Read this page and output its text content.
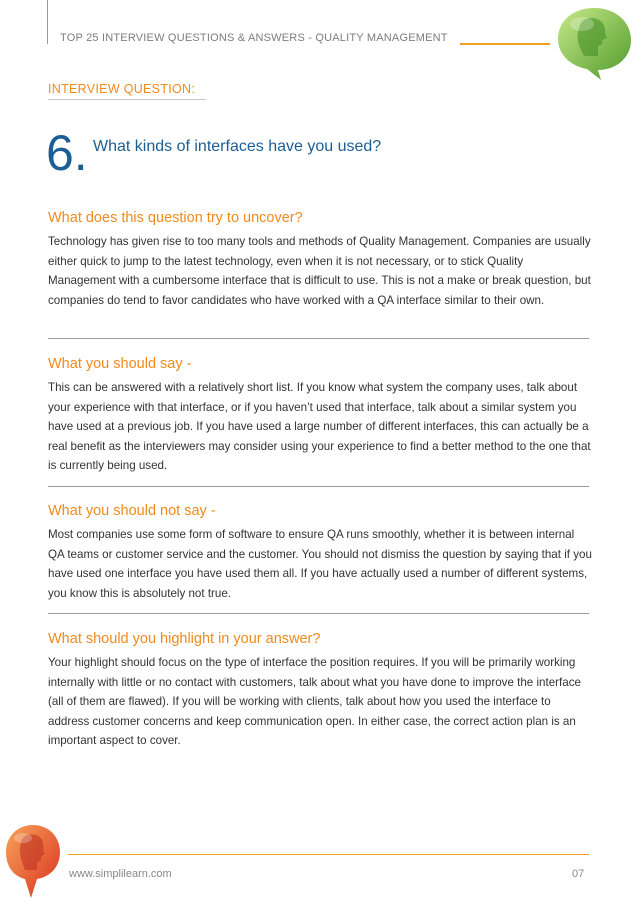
TOP 25 INTERVIEW QUESTIONS & ANSWERS - QUALITY MANAGEMENT
INTERVIEW QUESTION:
6. What kinds of interfaces have you used?
What does this question try to uncover?

Technology has given rise to too many tools and methods of Quality Management. Companies are usually either quick to jump to the latest technology, even when it is not necessary, or to stick Quality Management with a cumbersome interface that is difficult to use. This is not a make or break question, but companies do tend to favor candidates who have worked with a QA interface similar to their own.

What you should say -

This can be answered with a relatively short list. If you know what system the company uses, talk about your experience with that interface, or if you haven’t used that interface, talk about a similar system you have used at a previous job. If you have used a large number of different interfaces, this can actually be a real benefit as the interviewers may consider using your experience to find a better method to the one that is currently being used.

What you should not say -

Most companies use some form of software to ensure QA runs smoothly, whether it is between internal QA teams or customer service and the customer. You should not dismiss the question by saying that if you have used one interface you have used them all. If you have actually used a number of different systems, you know this is absolutely not true.

What should you highlight in your answer?

Your highlight should focus on the type of interface the position requires. If you will be primarily working internally with little or no contact with customers, talk about what you have done to improve the interface (all of them are flawed). If you will be working with clients, talk about how you used the interface to address customer concerns and keep communication open. In either case, the correct action plan is an important aspect to cover.

www.simplilearn.com	07
